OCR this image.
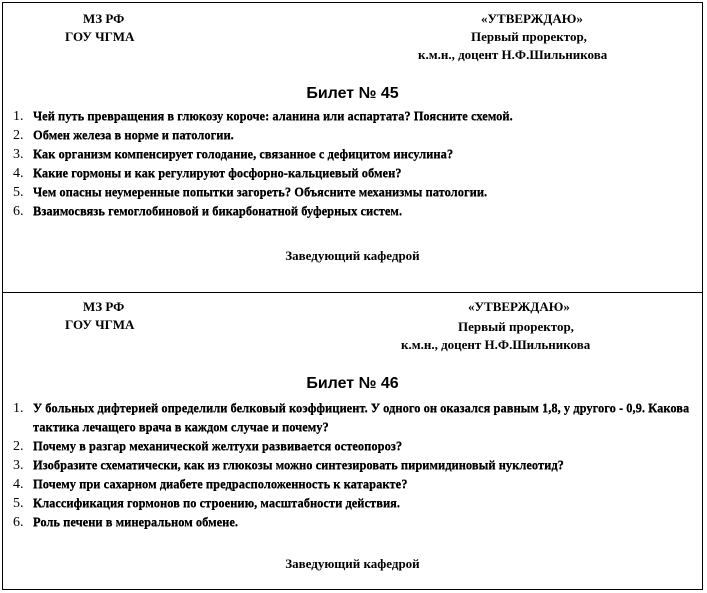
МЗ РФ
ГОУ ЧГМА
«УТВЕРЖДАЮ»
Первый проректор,
к.м.н., доцент Н.Ф.Шильникова
Билет № 45
1. Чей путь превращения в глюкозу короче: аланина или аспартата? Поясните схемой.
2. Обмен железа в норме и патологии.
3. Как организм компенсирует голодание, связанное с дефицитом инсулина?
4. Какие гормоны и как регулируют фосфорно-кальциевый обмен?
5. Чем опасны неумеренные попытки загореть? Объясните механизмы патологии.
6. Взаимосвязь гемоглобиновой и бикарбонатной буферных систем.
Заведующий кафедрой
МЗ РФ
ГОУ ЧГМА
«УТВЕРЖДАЮ»
Первый проректор,
к.м.н., доцент Н.Ф.Шильникова
Билет № 46
1. У больных дифтерией определили белковый коэффициент. У одного он оказался равным 1,8, у другого - 0,9. Какова тактика лечащего врача в каждом случае и почему?
2. Почему в разгар механической желтухи развивается остеопороз?
3. Изобразите схематически, как из глюкозы можно синтезировать пиримидиновый нуклеотид?
4. Почему при сахарном диабете предрасположенность к катаракте?
5. Классификация гормонов по строению, масштабности действия.
6. Роль печени в минеральном обмене.
Заведующий кафедрой
